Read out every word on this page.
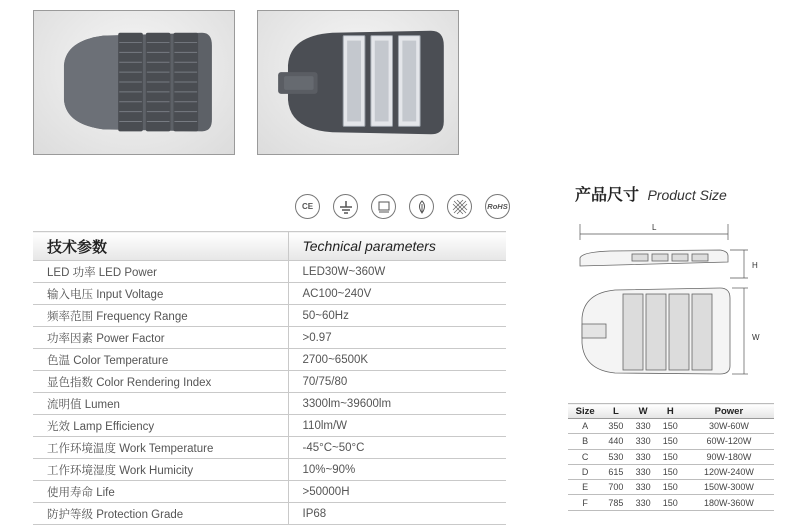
CE	RoHS
技术参数	Technical parameters
LED 功率 LED Power	LED30W~360W
输入电压 Input Voltage	AC100~240V
频率范围 Frequency Range	50~60Hz
功率因素 Power Factor	>0.97
色温 Color Temperature	2700~6500K
显色指数 Color Rendering Index	70/75/80
流明值 Lumen	3300lm~39600lm
光效 Lamp Efficiency	110lm/W
工作环境温度 Work Temperature	-45°C~50°C
工作环境湿度 Work Humicity	10%~90%
使用寿命 Life	>50000H
防护等级 Protection Grade	IP68
产品尺寸 Product Size
L
H
W
Size	L	W	H	Power
A	350	330	150	30W-60W
B	440	330	150	60W-120W
C	530	330	150	90W-180W
D	615	330	150	120W-240W
E	700	330	150	150W-300W
F	785	330	150	180W-360W
